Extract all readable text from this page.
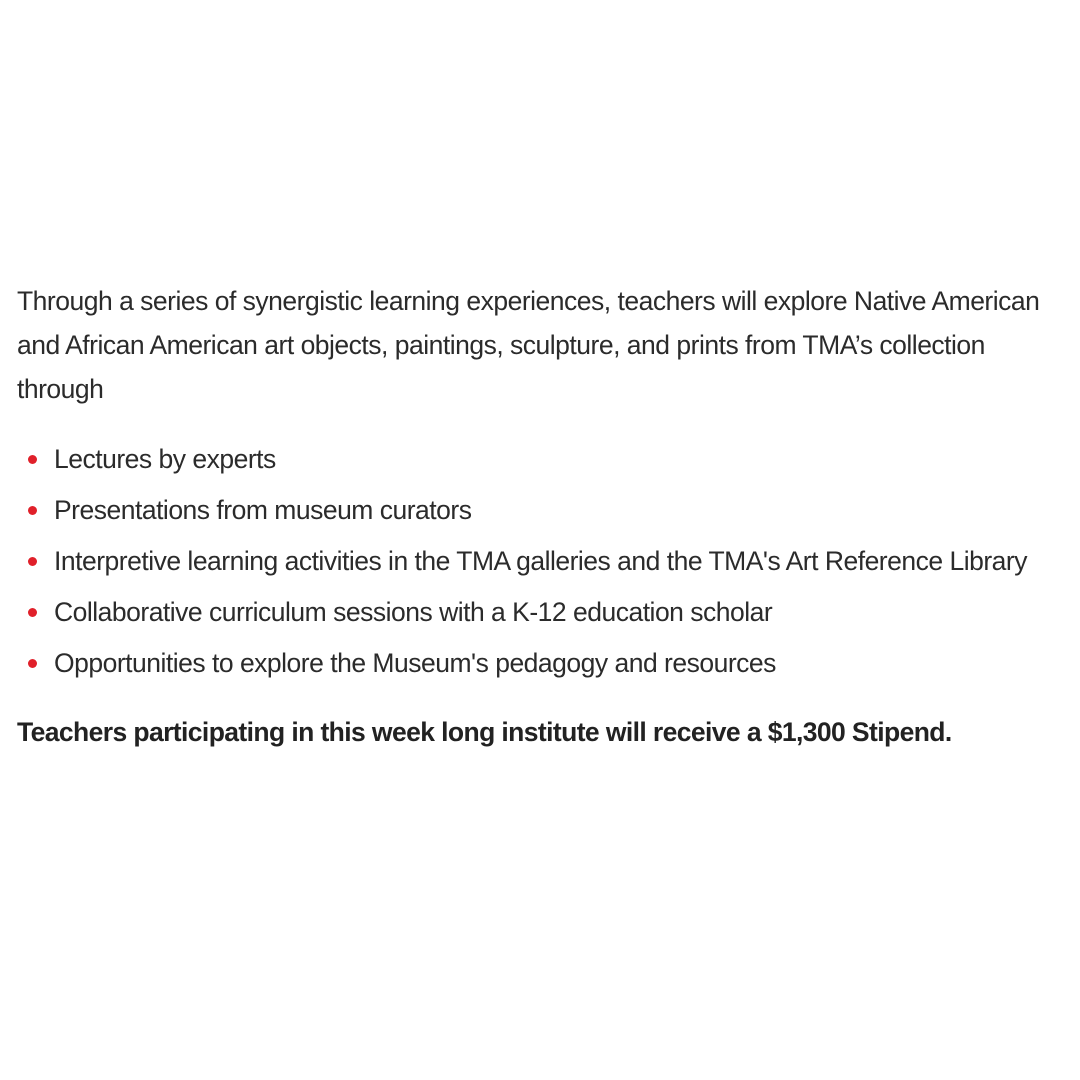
Through a series of synergistic learning experiences, teachers will explore Native American and African American art objects, paintings, sculpture, and prints from TMA’s collection through

Lectures by experts
Presentations from museum curators
Interpretive learning activities in the TMA galleries and the TMA's Art Reference Library
Collaborative curriculum sessions with a K-12 education scholar
Opportunities to explore the Museum's pedagogy and resources

Teachers participating in this week long institute will receive a $1,300 Stipend.
